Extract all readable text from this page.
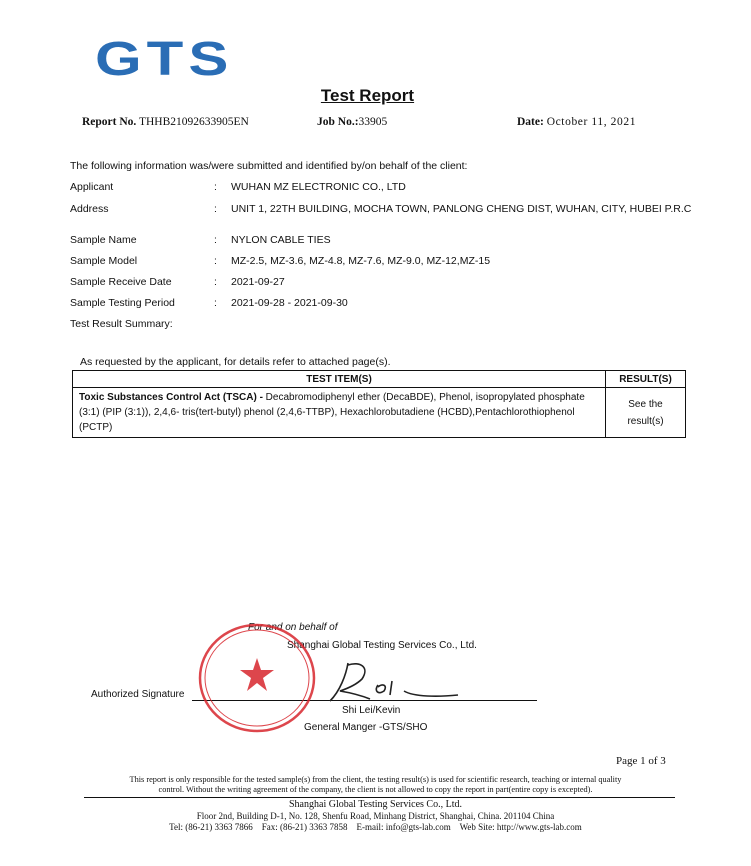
GTS
Test Report
Report No. THHB21092633905EN	Job No.:33905	Date: October 11, 2021
The following information was/were submitted and identified by/on behalf of the client:
Applicant	: WUHAN MZ ELECTRONIC CO., LTD
Address	: UNIT 1, 22TH BUILDING, MOCHA TOWN, PANLONG CHENG DIST, WUHAN, CITY, HUBEI P.R.C
Sample Name	: NYLON CABLE TIES
Sample Model	: MZ-2.5, MZ-3.6, MZ-4.8, MZ-7.6, MZ-9.0, MZ-12,MZ-15
Sample Receive Date	: 2021-09-27
Sample Testing Period	: 2021-09-28 - 2021-09-30
Test Result Summary:
As requested by the applicant, for details refer to attached page(s).
TEST ITEM(S)	RESULT(S)
Toxic Substances Control Act (TSCA) - Decabromodiphenyl ether (DecaBDE), Phenol, isopropylated phosphate (3:1) (PIP (3:1)), 2,4,6- tris(tert-butyl) phenol (2,4,6-TTBP), Hexachlorobutadiene (HCBD),Pentachlorothiophenol (PCTP)	See the
result(s)
For and on behalf of
Shanghai Global Testing Services Co., Ltd.
Authorized Signature
Shi Lei/Kevin
General Manger -GTS/SHO
Page 1 of 3
This report is only responsible for the tested sample(s) from the client, the testing result(s) is used for scientific research, teaching or internal quality
control. Without the writing agreement of the company, the client is not allowed to copy the report in part(entire copy is excepted).
Shanghai Global Testing Services Co., Ltd.
Floor 2nd, Building D-1, No. 128, Shenfu Road, Minhang District, Shanghai, China. 201104 China
Tel: (86-21) 3363 7866    Fax: (86-21) 3363 7858    E-mail: info@gts-lab.com    Web Site: http://www.gts-lab.com
